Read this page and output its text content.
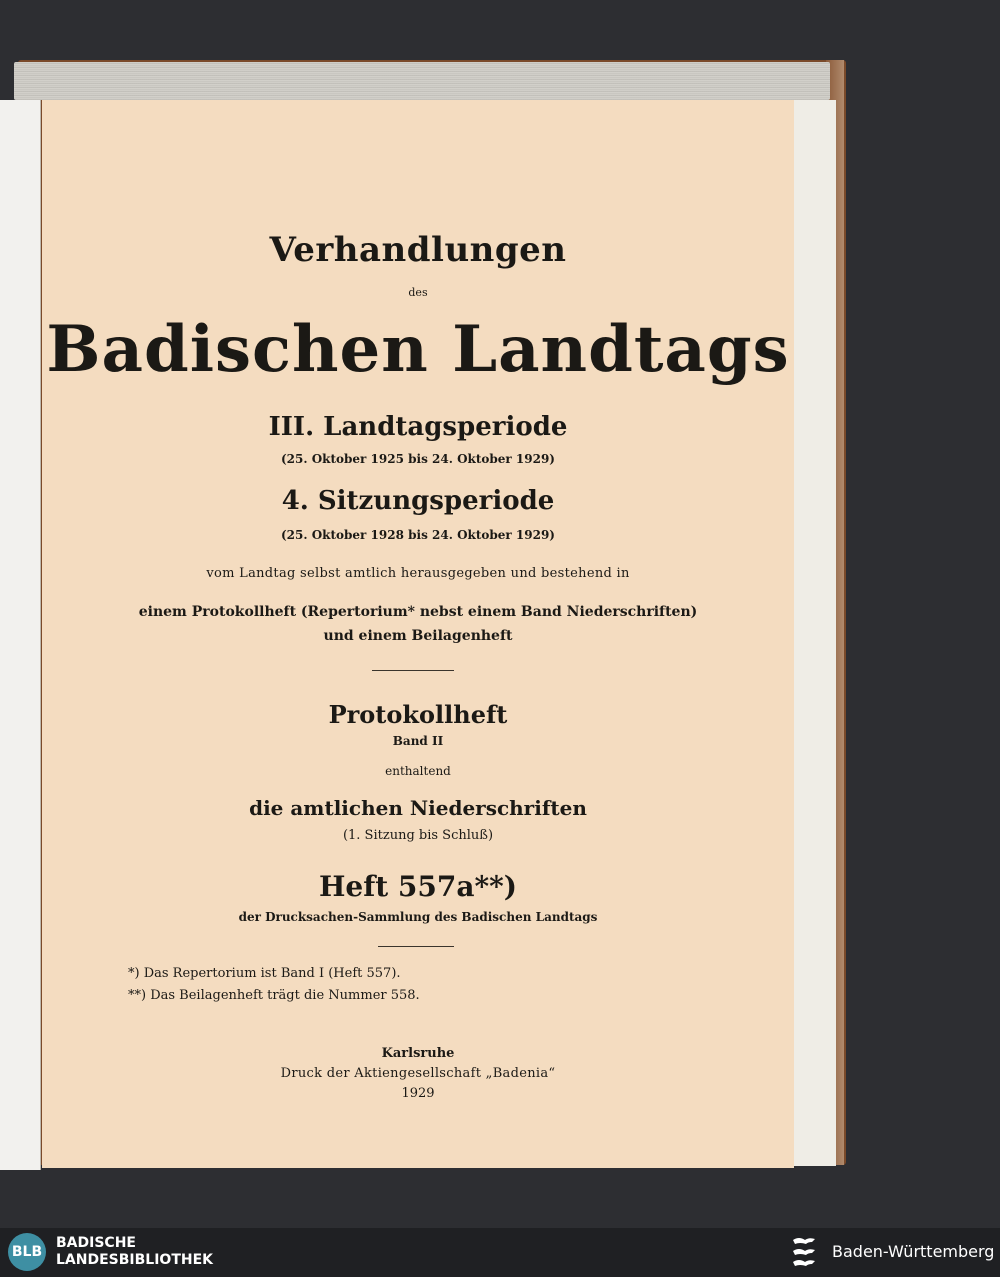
Verhandlungen
des
Badischen Landtags
III. Landtagsperiode
(25. Oktober 1925 bis 24. Oktober 1929)
4. Sitzungsperiode
(25. Oktober 1928 bis 24. Oktober 1929)
vom Landtag selbst amtlich herausgegeben und bestehend in
einem Protokollheft (Repertorium* nebst einem Band Niederschriften)
und einem Beilagenheft
Protokollheft
Band II
enthaltend
die amtlichen Niederschriften
(1. Sitzung bis Schluß)
Heft 557a**)
der Drucksachen-Sammlung des Badischen Landtags
*) Das Repertorium ist Band I (Heft 557).
**) Das Beilagenheft trägt die Nummer 558.
Karlsruhe
Druck der Aktiengesellschaft „Badenia“
1929
BLB
BADISCHE
LANDESBIBLIOTHEK	Baden-Württemberg
